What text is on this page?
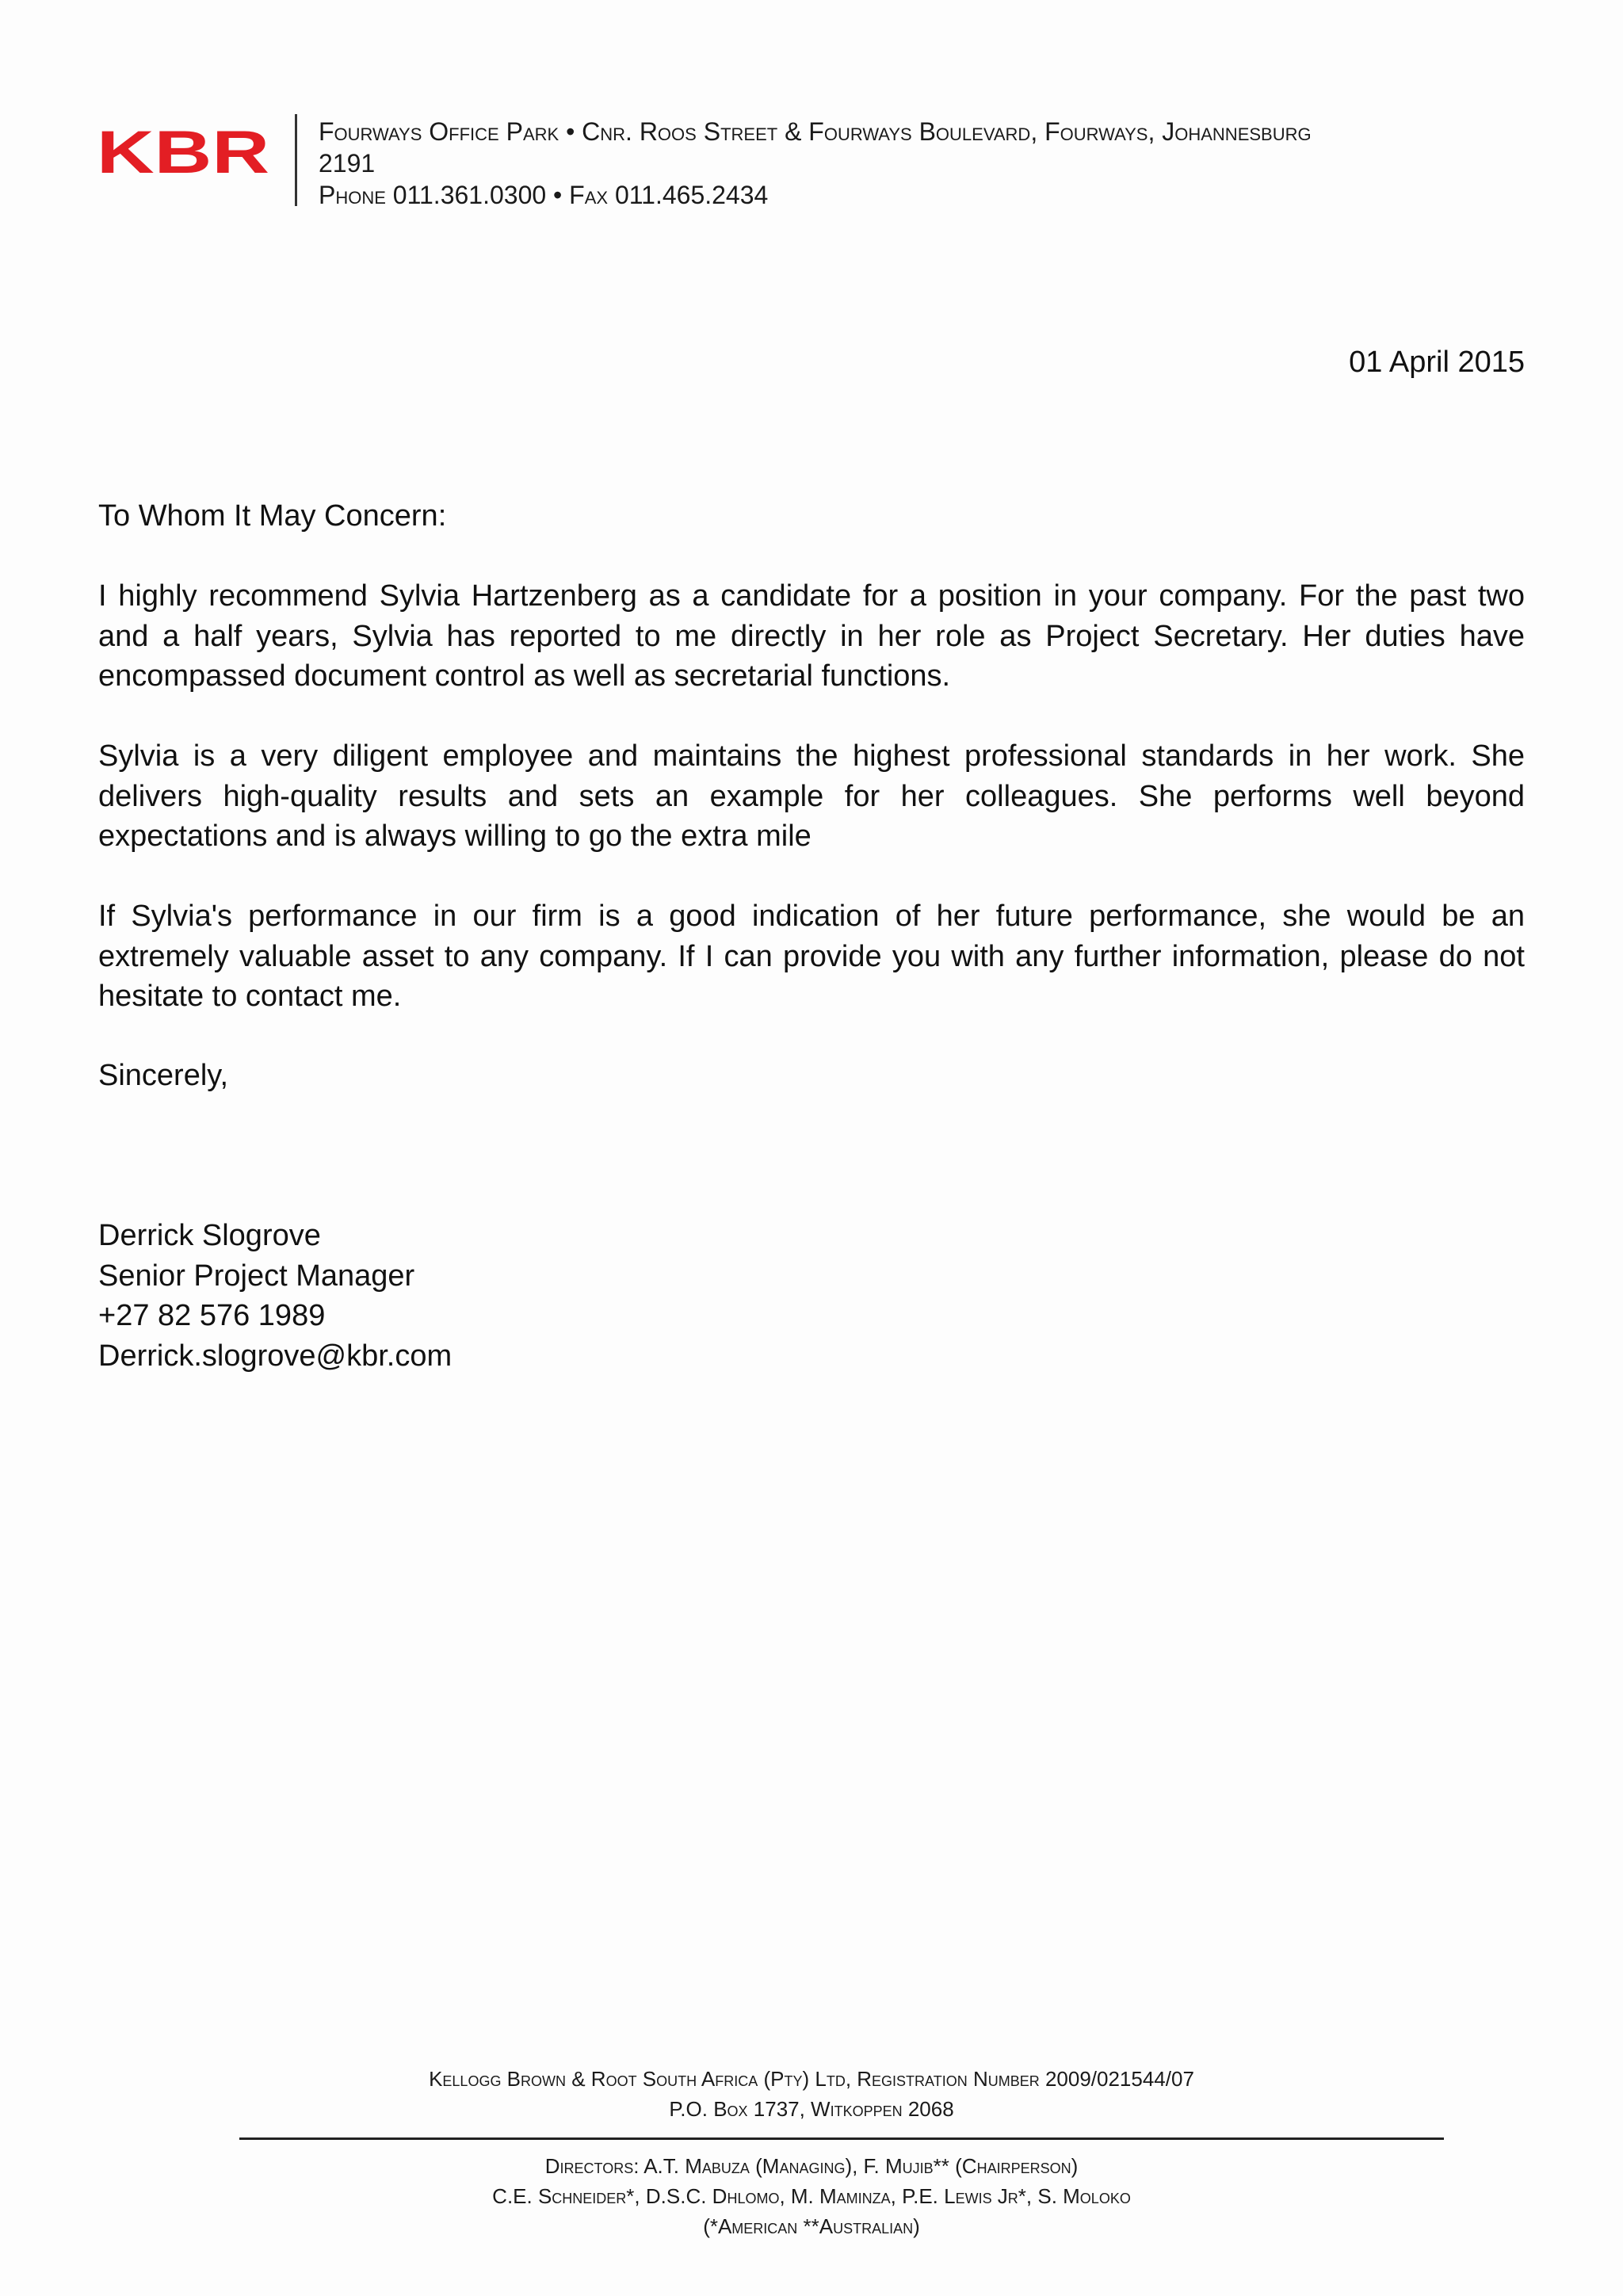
KBR Fourways Office Park • Cnr. Roos Street & Fourways Boulevard, Fourways, Johannesburg
2191
Phone 011.361.0300 • Fax 011.465.2434
01 April 2015
To Whom It May Concern:

I highly recommend Sylvia Hartzenberg as a candidate for a position in your company. For the past two and a half years, Sylvia has reported to me directly in her role as Project Secretary. Her duties have encompassed document control as well as secretarial functions.

Sylvia is a very diligent employee and maintains the highest professional standards in her work. She delivers high-quality results and sets an example for her colleagues. She performs well beyond expectations and is always willing to go the extra mile

If Sylvia's performance in our firm is a good indication of her future performance, she would be an extremely valuable asset to any company. If I can provide you with any further information, please do not hesitate to contact me.

Sincerely,
Derrick Slogrove
Senior Project Manager
+27 82 576 1989
Derrick.slogrove@kbr.com
Kellogg Brown & Root South Africa (Pty) Ltd, Registration Number 2009/021544/07
P.O. Box 1737, Witkoppen 2068
Directors: A.T. Mabuza (Managing), F. Mujib** (Chairperson)
C.E. Schneider*, D.S.C. Dhlomo, M. Maminza, P.E. Lewis Jr*, S. Moloko
(*American **Australian)
